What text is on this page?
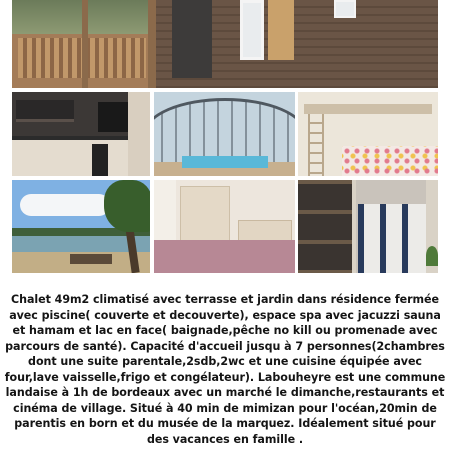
Chalet 49m2 climatisé avec terrasse et jardin dans résidence fermée avec piscine( couverte et decouverte), espace spa avec jacuzzi sauna et hamam et lac en face( baignade,pêche no kill ou promenade avec parcours de santé). Capacité d'accueil jusqu à 7 personnes(2chambres dont une suite parentale,2sdb,2wc et une cuisine équipée avec four,lave vaisselle,frigo et congélateur). Labouheyre est une commune landaise à 1h de bordeaux avec un marché le dimanche,restaurants et cinéma de village. Situé à 40 min de mimizan pour l'océan,20min de parentis en born et du musée de la marquez. Idéalement situé pour des vacances en famille .
